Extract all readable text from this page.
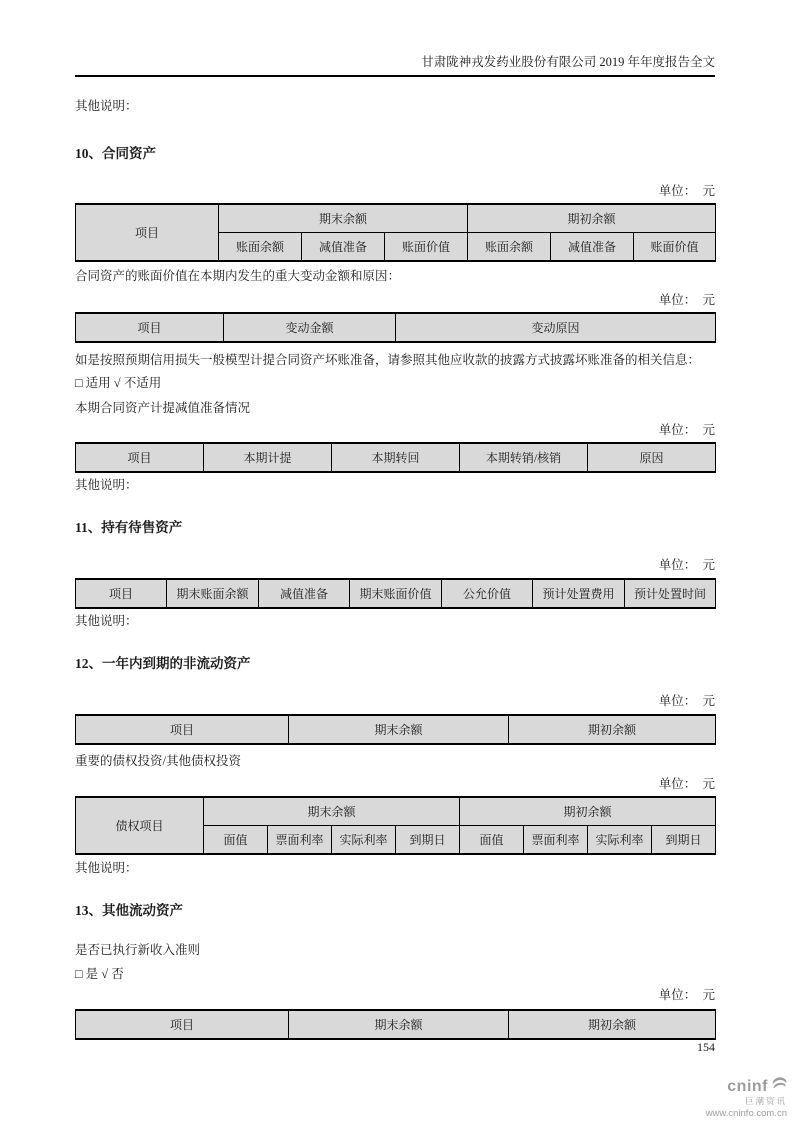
甘肃陇神戎发药业股份有限公司 2019 年年度报告全文
其他说明：
10、合同资产
单位：　元
项目	期末余额			期初余额		
	账面余额	减值准备	账面价值	账面余额	减值准备	账面价值
合同资产的账面价值在本期内发生的重大变动金额和原因：
单位：　元
项目	变动金额	变动原因
如是按照预期信用损失一般模型计提合同资产坏账准备，请参照其他应收款的披露方式披露坏账准备的相关信息：
□ 适用 √ 不适用
本期合同资产计提减值准备情况
单位：　元
项目	本期计提	本期转回	本期转销/核销	原因
其他说明：
11、持有待售资产
单位：　元
项目	期末账面余额	减值准备	期末账面价值	公允价值	预计处置费用	预计处置时间
其他说明：
12、一年内到期的非流动资产
单位：　元
项目	期末余额	期初余额
重要的债权投资/其他债权投资
单位：　元
债权项目	期末余额				期初余额			
	面值	票面利率	实际利率	到期日	面值	票面利率	实际利率	到期日
其他说明：
13、其他流动资产
是否已执行新收入准则
□ 是 √ 否
单位：　元
项目	期末余额	期初余额
154
cninf
巨潮资讯
www.cninfo.com.cn
